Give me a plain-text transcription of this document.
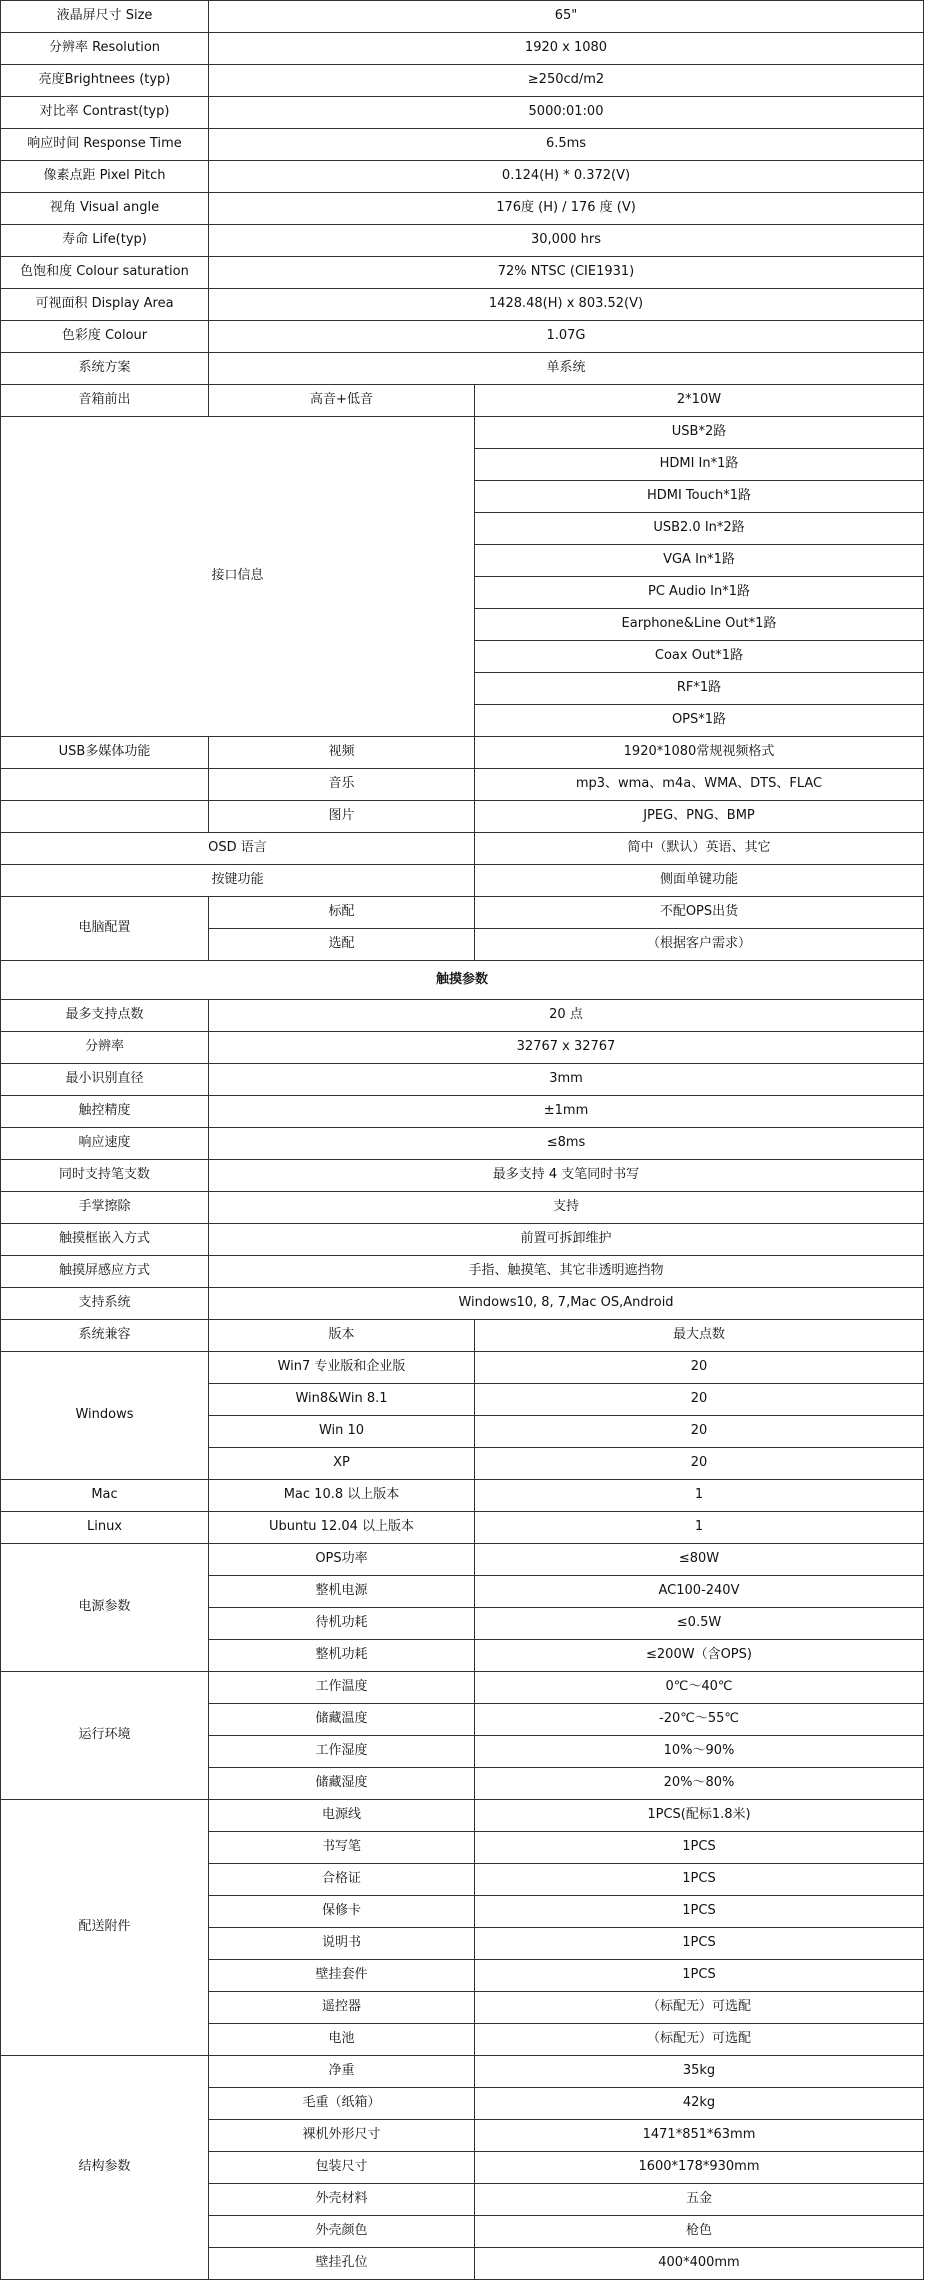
液晶屏尺寸 Size	65"	
分辨率 Resolution	1920 x 1080	
亮度Brightnees (typ)	≥250cd/m2	
对比率 Contrast(typ)	5000:01:00	
响应时间 Response Time	6.5ms	
像素点距 Pixel Pitch	0.124(H) * 0.372(V)	
视角 Visual angle	176度 (H) / 176 度 (V)	
寿命 Life(typ)	30,000 hrs	
色饱和度 Colour saturation	72% NTSC (CIE1931)	
可视面积 Display Area	1428.48(H) x 803.52(V)	
色彩度 Colour	1.07G	
系统方案	单系统	
音箱前出	高音+低音	2*10W
接口信息		USB*2路
		HDMI In*1路
		HDMI Touch*1路
		USB2.0 In*2路
		VGA In*1路
		PC Audio In*1路
		Earphone&Line Out*1路
		Coax Out*1路
		RF*1路
		OPS*1路
USB多媒体功能	视频	1920*1080常规视频格式
	音乐	mp3、wma、m4a、WMA、DTS、FLAC
	图片	JPEG、PNG、BMP
OSD 语言		简中（默认）英语、其它
按键功能		侧面单键功能
电脑配置	标配	不配OPS出货
	选配	（根据客户需求）
触摸参数		
最多支持点数	20 点	
分辨率	32767 x 32767	
最小识别直径	3mm	
触控精度	±1mm	
响应速度	≤8ms	
同时支持笔支数	最多支持 4 支笔同时书写	
手掌擦除	支持	
触摸框嵌入方式	前置可拆卸维护	
触摸屏感应方式	手指、触摸笔、其它非透明遮挡物	
支持系统	Windows10, 8, 7,Mac OS,Android	
系统兼容	版本	最大点数
Windows	Win7 专业版和企业版	20
	Win8&Win 8.1	20
	Win 10	20
	XP	20
Mac	Mac 10.8 以上版本	1
Linux	Ubuntu 12.04 以上版本	1
电源参数	OPS功率	≤80W
	整机电源	AC100-240V
	待机功耗	≤0.5W
	整机功耗	≤200W（含OPS)
运行环境	工作温度	0℃～40℃
	储藏温度	-20℃～55℃
	工作湿度	10%～90%
	储藏湿度	20%～80%
配送附件	电源线	1PCS(配标1.8米)
	书写笔	1PCS
	合格证	1PCS
	保修卡	1PCS
	说明书	1PCS
	壁挂套件	1PCS
	遥控器	（标配无）可选配
	电池	（标配无）可选配
结构参数	净重	35kg
	毛重（纸箱）	42kg
	裸机外形尺寸	1471*851*63mm
	包装尺寸	1600*178*930mm
	外壳材料	五金
	外壳颜色	枪色
	壁挂孔位	400*400mm
